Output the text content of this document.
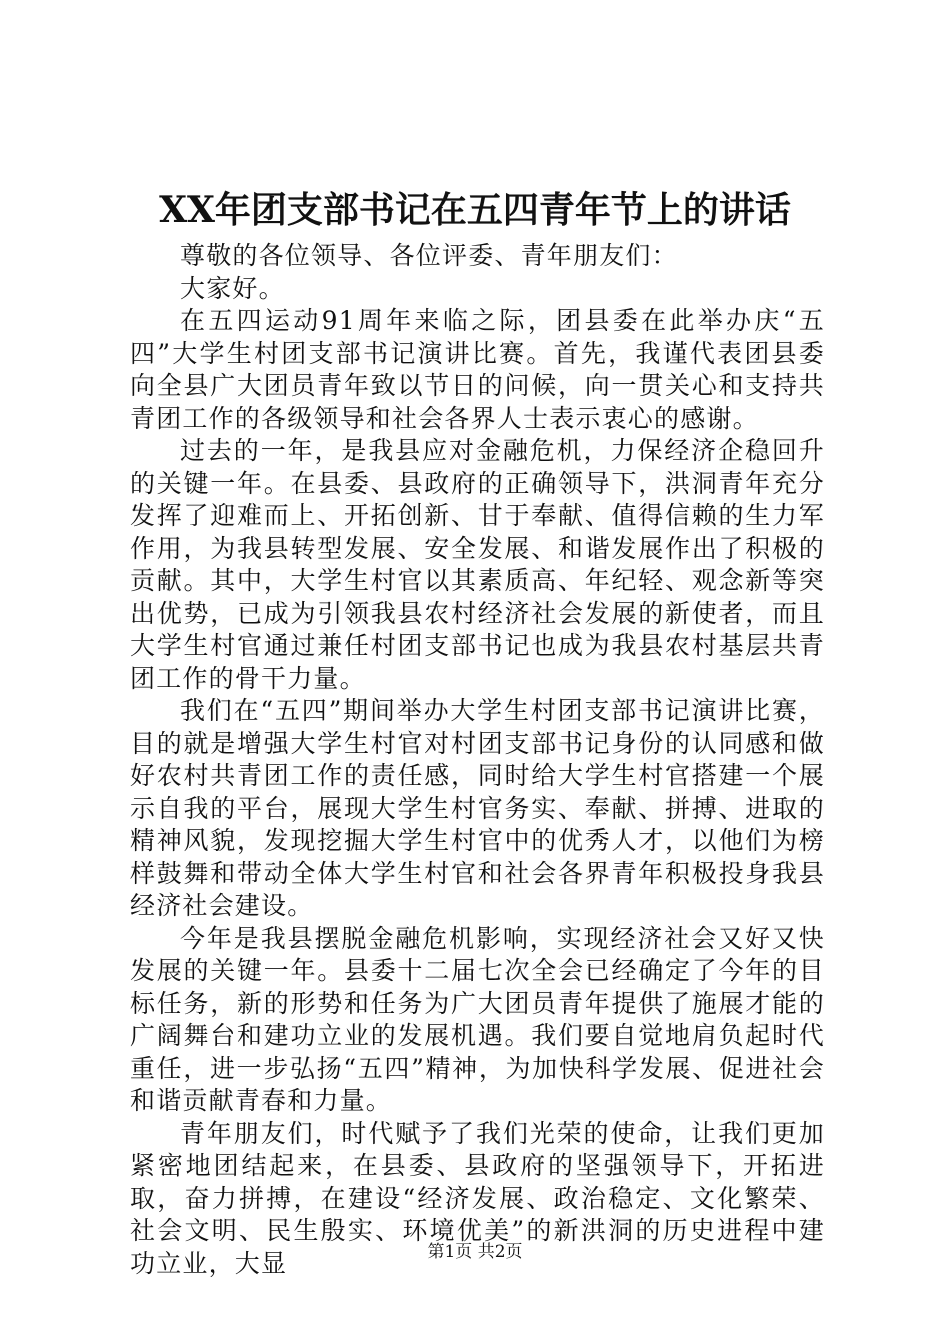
XX年团支部书记在五四青年节上的讲话

尊敬的各位领导、各位评委、青年朋友们：

大家好。

在五四运动91周年来临之际，团县委在此举办庆“五四”大学生村团支部书记演讲比赛。首先，我谨代表团县委向全县广大团员青年致以节日的问候，向一贯关心和支持共青团工作的各级领导和社会各界人士表示衷心的感谢。

过去的一年，是我县应对金融危机，力保经济企稳回升的关键一年。在县委、县政府的正确领导下，洪洞青年充分发挥了迎难而上、开拓创新、甘于奉献、值得信赖的生力军作用，为我县转型发展、安全发展、和谐发展作出了积极的贡献。其中，大学生村官以其素质高、年纪轻、观念新等突出优势，已成为引领我县农村经济社会发展的新使者，而且大学生村官通过兼任村团支部书记也成为我县农村基层共青团工作的骨干力量。

我们在“五四”期间举办大学生村团支部书记演讲比赛，目的就是增强大学生村官对村团支部书记身份的认同感和做好农村共青团工作的责任感，同时给大学生村官搭建一个展示自我的平台，展现大学生村官务实、奉献、拼搏、进取的精神风貌，发现挖掘大学生村官中的优秀人才，以他们为榜样鼓舞和带动全体大学生村官和社会各界青年积极投身我县经济社会建设。

今年是我县摆脱金融危机影响，实现经济社会又好又快发展的关键一年。县委十二届七次全会已经确定了今年的目标任务，新的形势和任务为广大团员青年提供了施展才能的广阔舞台和建功立业的发展机遇。我们要自觉地肩负起时代重任，进一步弘扬“五四”精神，为加快科学发展、促进社会和谐贡献青春和力量。

青年朋友们，时代赋予了我们光荣的使命，让我们更加紧密地团结起来，在县委、县政府的坚强领导下，开拓进取，奋力拼搏，在建设“经济发展、政治稳定、文化繁荣、社会文明、民生殷实、环境优美”的新洪洞的历史进程中建功立业，大显	第1页 共2页
